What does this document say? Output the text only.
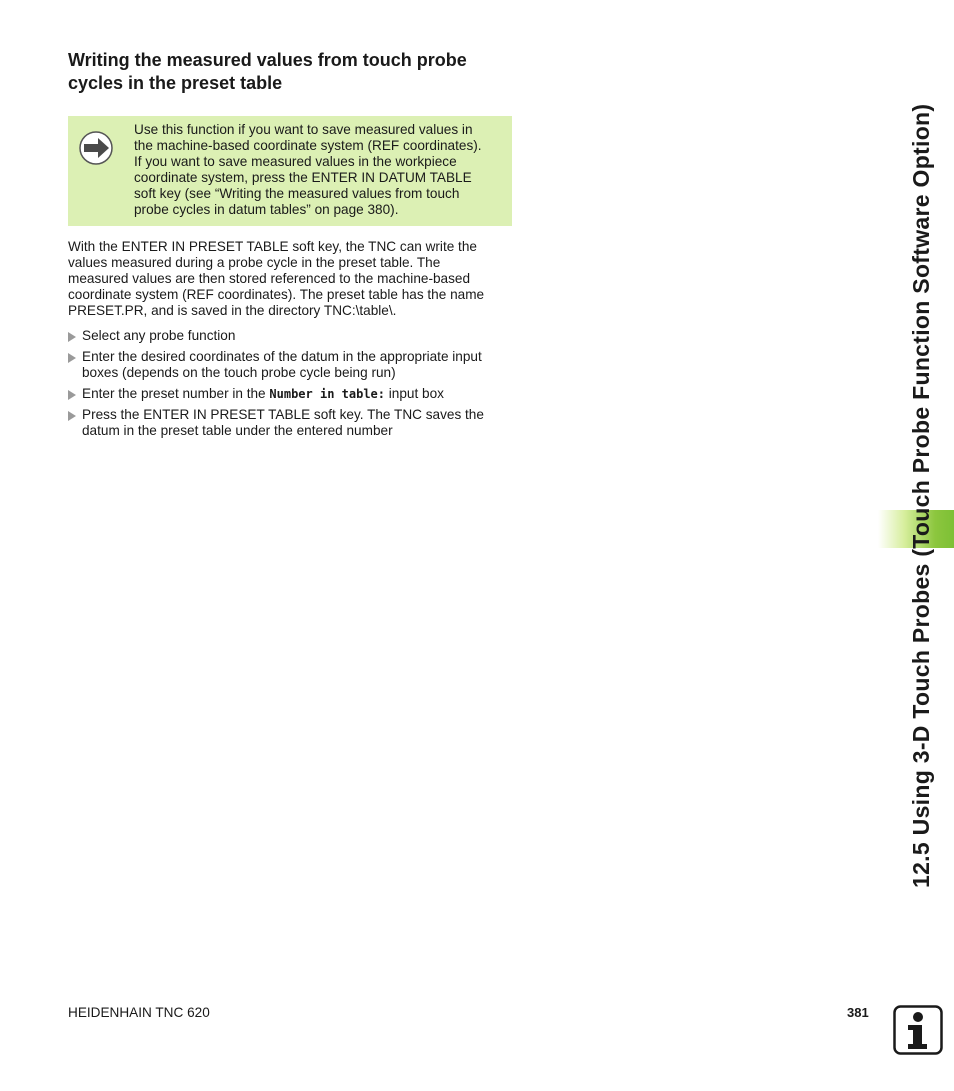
Writing the measured values from touch probe
cycles in the preset table
Use this function if you want to save measured values in
the machine-based coordinate system (REF coordinates).
If you want to save measured values in the workpiece
coordinate system, press the ENTER IN DATUM TABLE
soft key (see “Writing the measured values from touch
probe cycles in datum tables” on page 380).

With the ENTER IN PRESET TABLE soft key, the TNC can write the
values measured during a probe cycle in the preset table. The
measured values are then stored referenced to the machine-based
coordinate system (REF coordinates). The preset table has the name
PRESET.PR, and is saved in the directory TNC:\table\.

Select any probe function
Enter the desired coordinates of the datum in the appropriate input
boxes (depends on the touch probe cycle being run)
Enter the preset number in the Number in table: input box
Press the ENTER IN PRESET TABLE soft key. The TNC saves the
datum in the preset table under the entered number	12.5 Using 3-D Touch Probes (Touch Probe Function Software Option)
HEIDENHAIN TNC 620	381
